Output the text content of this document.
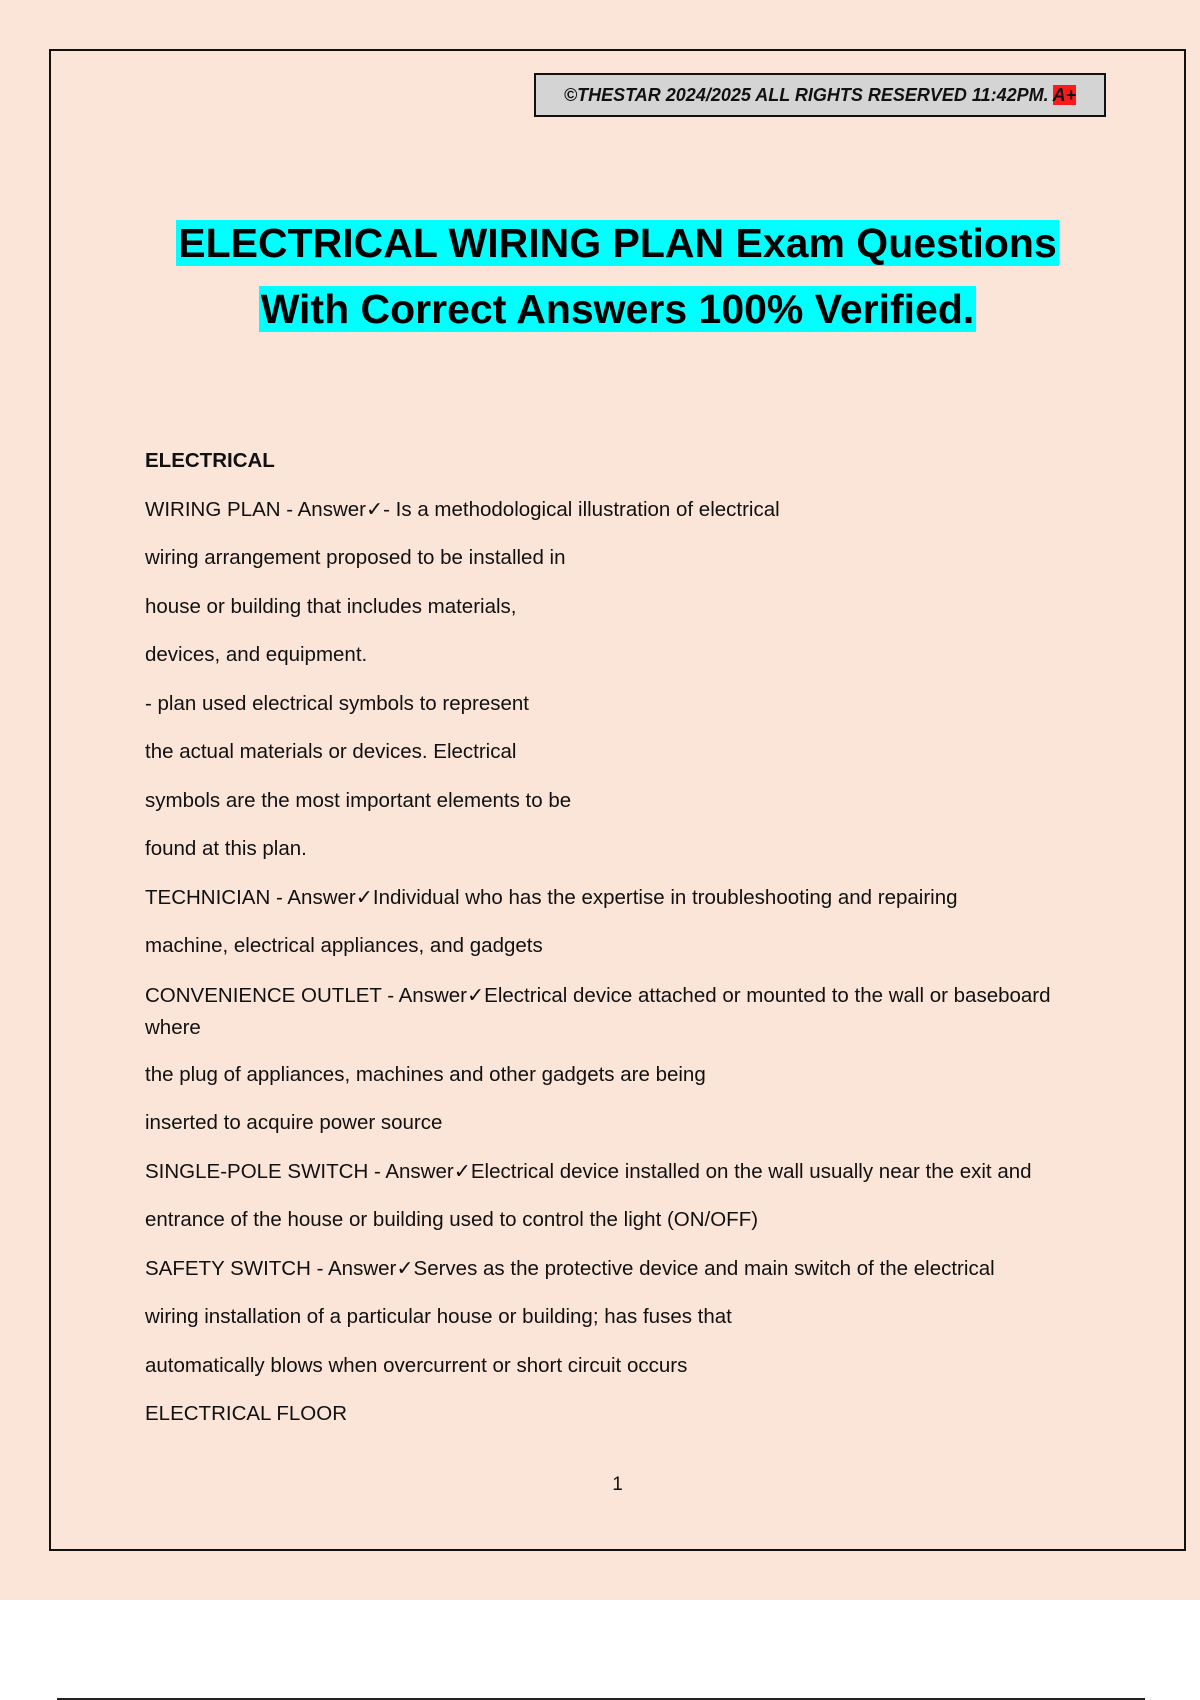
©THESTAR 2024/2025 ALL RIGHTS RESERVED 11:42PM. A+
ELECTRICAL WIRING PLAN Exam Questions
With Correct Answers 100% Verified.
ELECTRICAL
WIRING PLAN - Answer✓- Is a methodological illustration of electrical
wiring arrangement proposed to be installed in
house or building that includes materials,
devices, and equipment.
- plan used electrical symbols to represent
the actual materials or devices. Electrical
symbols are the most important elements to be
found at this plan.
TECHNICIAN - Answer✓Individual who has the expertise in troubleshooting and repairing
machine, electrical appliances, and gadgets
CONVENIENCE OUTLET - Answer✓Electrical device attached or mounted to the wall or baseboard where
the plug of appliances, machines and other gadgets are being
inserted to acquire power source
SINGLE-POLE SWITCH - Answer✓Electrical device installed on the wall usually near the exit and
entrance of the house or building used to control the light (ON/OFF)
SAFETY SWITCH - Answer✓Serves as the protective device and main switch of the electrical
wiring installation of a particular house or building; has fuses that
automatically blows when overcurrent or short circuit occurs
ELECTRICAL FLOOR
1
